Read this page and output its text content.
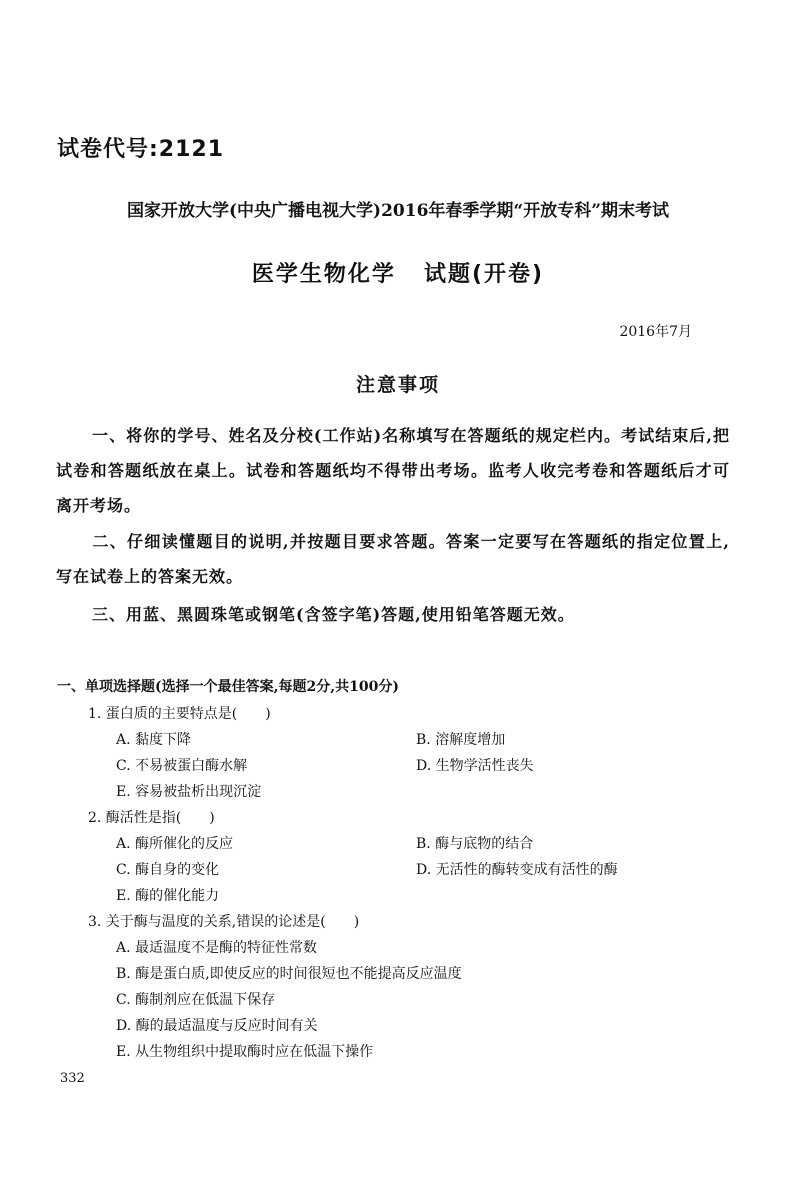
试卷代号:2121
国家开放大学(中央广播电视大学)2016年春季学期“开放专科”期末考试
医学生物化学 试题(开卷)
2016年7月
注意事项
一、将你的学号、姓名及分校(工作站)名称填写在答题纸的规定栏内。考试结束后,把试卷和答题纸放在桌上。试卷和答题纸均不得带出考场。监考人收完考卷和答题纸后才可离开考场。
二、仔细读懂题目的说明,并按题目要求答题。答案一定要写在答题纸的指定位置上,写在试卷上的答案无效。
三、用蓝、黑圆珠笔或钢笔(含签字笔)答题,使用铅笔答题无效。
一、单项选择题(选择一个最佳答案,每题2分,共100分)
1. 蛋白质的主要特点是(　　)
A. 黏度下降	B. 溶解度增加
C. 不易被蛋白酶水解	D. 生物学活性丧失
E. 容易被盐析出现沉淀
2. 酶活性是指(　　)
A. 酶所催化的反应	B. 酶与底物的结合
C. 酶自身的变化	D. 无活性的酶转变成有活性的酶
E. 酶的催化能力
3. 关于酶与温度的关系,错误的论述是(　　)
A. 最适温度不是酶的特征性常数
B. 酶是蛋白质,即使反应的时间很短也不能提高反应温度
C. 酶制剂应在低温下保存
D. 酶的最适温度与反应时间有关
E. 从生物组织中提取酶时应在低温下操作
332
